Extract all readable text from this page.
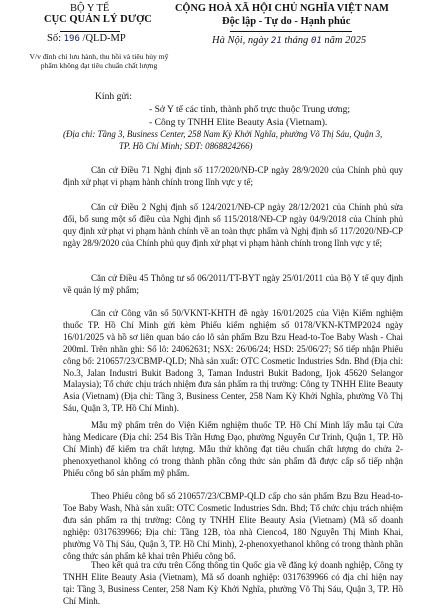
BỘ Y TẾ
CỤC QUẢN LÝ DƯỢC
CỘNG HOÀ XÃ HỘI CHỦ NGHĨA VIỆT NAM
Độc lập - Tự do - Hạnh phúc
Số: 196 /QLD-MP	Hà Nội, ngày 21 tháng 01 năm 2025
V/v đình chỉ lưu hành, thu hồi và tiêu hủy mỹ phẩm không đạt tiêu chuẩn chất lượng
Kính gửi:
- Sở Y tế các tỉnh, thành phố trực thuộc Trung ương;
- Công ty TNHH Elite Beauty Asia (Vietnam).
(Địa chỉ: Tầng 3, Business Center, 258 Nam Kỳ Khởi Nghĩa, phường Võ Thị Sáu, Quận 3,
TP. Hồ Chí Minh; SĐT: 0868824266)

Căn cứ Điều 71 Nghị định số 117/2020/NĐ-CP ngày 28/9/2020 của Chính phủ quy định xử phạt vi phạm hành chính trong lĩnh vực y tế;

Căn cứ Điều 2 Nghị định số 124/2021/NĐ-CP ngày 28/12/2021 của Chính phủ sửa đổi, bổ sung một số điều của Nghị định số 115/2018/NĐ-CP ngày 04/9/2018 của Chính phủ quy định xử phạt vi phạm hành chính về an toàn thực phẩm và Nghị định số 117/2020/NĐ-CP ngày 28/9/2020 của Chính phủ quy định xử phạt vi phạm hành chính trong lĩnh vực y tế;

Căn cứ Điều 45 Thông tư số 06/2011/TT-BYT ngày 25/01/2011 của Bộ Y tế quy định về quản lý mỹ phẩm;

Căn cứ Công văn số 50/VKNT-KHTH đề ngày 16/01/2025 của Viện Kiểm nghiệm thuốc TP. Hồ Chí Minh gửi kèm Phiếu kiểm nghiệm số 0178/VKN-KTMP2024 ngày 16/01/2025 và hồ sơ liên quan báo cáo lô sản phẩm Bzu Bzu Head-to-Toe Baby Wash - Chai 200ml. Trên nhãn ghi: Số lô: 24062631; NSX: 26/06/24; HSD: 25/06/27; Số tiếp nhận Phiếu công bố: 210657/23/CBMP-QLD; Nhà sản xuất: OTC Cosmetic Industries Sdn. Bhd (Địa chỉ: No.3, Jalan Industri Bukit Badong 3, Taman Industri Bukit Badong, Ijok 45620 Selangor Malaysia); Tổ chức chịu trách nhiệm đưa sản phẩm ra thị trường: Công ty TNHH Elite Beauty Asia (Vietnam) (Địa chỉ: Tầng 3, Business Center, 258 Nam Kỳ Khởi Nghĩa, phường Võ Thị Sáu, Quận 3, TP. Hồ Chí Minh).

Mẫu mỹ phẩm trên do Viện Kiểm nghiệm thuốc TP. Hồ Chí Minh lấy mẫu tại Cửa hàng Medicare (Địa chỉ: 254 Bis Trần Hưng Đạo, phường Nguyễn Cư Trinh, Quận 1, TP. Hồ Chí Minh) để kiểm tra chất lượng. Mẫu thử không đạt tiêu chuẩn chất lượng do chứa 2-phenoxyethanol không có trong thành phần công thức sản phẩm đã được cấp số tiếp nhận Phiếu công bố sản phẩm mỹ phẩm.

Theo Phiếu công bố số 210657/23/CBMP-QLD cấp cho sản phẩm Bzu Bzu Head-to-Toe Baby Wash, Nhà sản xuất: OTC Cosmetic Industries Sdn. Bhd; Tổ chức chịu trách nhiệm đưa sản phẩm ra thị trường: Công ty TNHH Elite Beauty Asia (Vietnam) (Mã số doanh nghiệp: 0317639966; Địa chỉ: Tầng 12B, tòa nhà Cienco4, 180 Nguyễn Thị Minh Khai, phường Võ Thị Sáu, Quận 3, TP. Hồ Chí Minh), 2-phenoxyethanol không có trong thành phần công thức sản phẩm kê khai trên Phiếu công bố.

Theo kết quả tra cứu trên Cổng thông tin Quốc gia về đăng ký doanh nghiệp, Công ty TNHH Elite Beauty Asia (Vietnam), Mã số doanh nghiệp: 0317639966 có địa chỉ hiện nay tại: Tầng 3, Business Center, 258 Nam Kỳ Khởi Nghĩa, phường Võ Thị Sáu, Quận 3, TP. Hồ Chí Minh.
